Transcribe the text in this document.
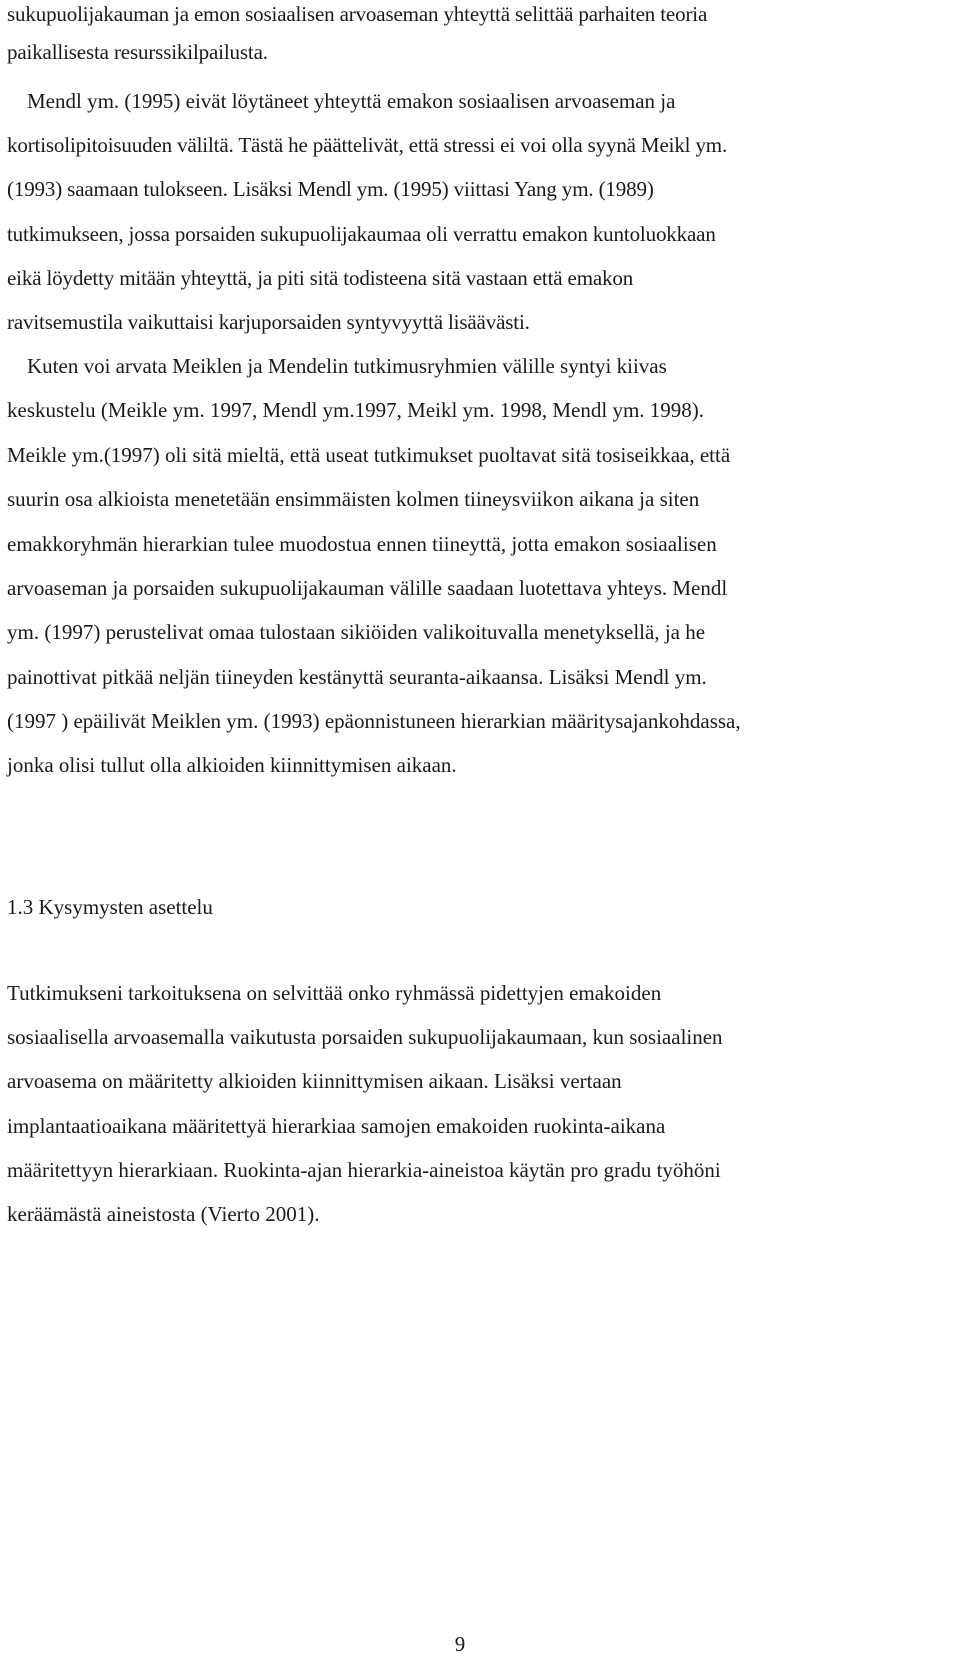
sukupuolijakauman ja emon sosiaalisen arvoaseman yhteyttä selittää parhaiten teoria
paikallisesta resurssikilpailusta.
Mendl ym. (1995) eivät löytäneet yhteyttä emakon sosiaalisen arvoaseman ja
kortisolipitoisuuden väliltä. Tästä he päättelivät, että stressi ei voi olla syynä Meikl ym.
(1993) saamaan tulokseen. Lisäksi Mendl ym. (1995) viittasi Yang ym. (1989)
tutkimukseen, jossa porsaiden sukupuolijakaumaa oli verrattu emakon kuntoluokkaan
eikä löydetty mitään yhteyttä, ja piti sitä todisteena sitä vastaan että emakon
ravitsemustila vaikuttaisi karjuporsaiden syntyvyyttä lisäävästi.
Kuten voi arvata Meiklen ja Mendelin tutkimusryhmien välille syntyi kiivas
keskustelu (Meikle ym. 1997, Mendl ym.1997, Meikl ym. 1998, Mendl ym. 1998).
Meikle ym.(1997) oli sitä mieltä, että useat tutkimukset puoltavat sitä tosiseikkaa, että
suurin osa alkioista menetetään ensimmäisten kolmen tiineysviikon aikana ja siten
emakkoryhmän hierarkian tulee muodostua ennen tiineyttä, jotta emakon sosiaalisen
arvoaseman ja porsaiden sukupuolijakauman välille saadaan luotettava yhteys. Mendl
ym. (1997) perustelivat omaa tulostaan sikiöiden valikoituvalla menetyksellä, ja he
painottivat pitkää neljän tiineyden kestänyttä seuranta-aikaansa. Lisäksi Mendl ym.
(1997 ) epäilivät Meiklen ym. (1993) epäonnistuneen hierarkian määritysajankohdassa,
jonka olisi tullut olla alkioiden kiinnittymisen aikaan.
1.3 Kysymysten asettelu
Tutkimukseni tarkoituksena on selvittää onko ryhmässä pidettyjen emakoiden
sosiaalisella arvoasemalla vaikutusta porsaiden sukupuolijakaumaan, kun sosiaalinen
arvoasema on määritetty alkioiden kiinnittymisen aikaan. Lisäksi vertaan
implantaatioaikana määritettyä hierarkiaa samojen emakoiden ruokinta-aikana
määritettyyn hierarkiaan. Ruokinta-ajan hierarkia-aineistoa käytän pro gradu työhöni
keräämästä aineistosta (Vierto 2001).
9
